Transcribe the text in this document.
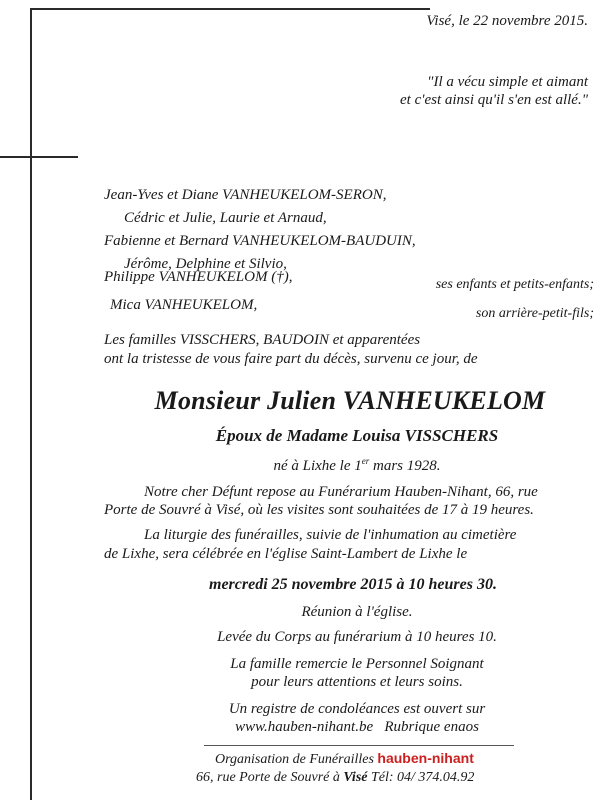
Visé, le 22 novembre 2015.
"Il a vécu simple et aimant
et c'est ainsi qu'il s'en est allé."
Jean-Yves et Diane VANHEUKELOM-SERON,
Cédric et Julie, Laurie et Arnaud,
Fabienne et Bernard VANHEUKELOM-BAUDUIN,
Jérôme, Delphine et Silvio,
Philippe VANHEUKELOM (†),	ses enfants et petits-enfants;
Mica VANHEUKELOM,
son arrière-petit-fils;
Les familles VISSCHERS, BAUDOIN et apparentées
ont la tristesse de vous faire part du décès, survenu ce jour, de
Monsieur Julien VANHEUKELOM
Époux de Madame Louisa VISSCHERS
né à Lixhe le 1er mars 1928.
Notre cher Défunt repose au Funérarium Hauben-Nihant, 66, rue
Porte de Souvré à Visé, où les visites sont souhaitées de 17 à 19 heures.
La liturgie des funérailles, suivie de l'inhumation au cimetière
de Lixhe, sera célébrée en l'église Saint-Lambert de Lixhe le
mercredi 25 novembre 2015 à 10 heures 30.
Réunion à l'église.
Levée du Corps au funérarium à 10 heures 10.
La famille remercie le Personnel Soignant
pour leurs attentions et leurs soins.
Un registre de condoléances est ouvert sur
www.hauben-nihant.be Rubrique enaos
Organisation de Funérailles hauben-nihant
66, rue Porte de Souvré à Visé Tél: 04/ 374.04.92
